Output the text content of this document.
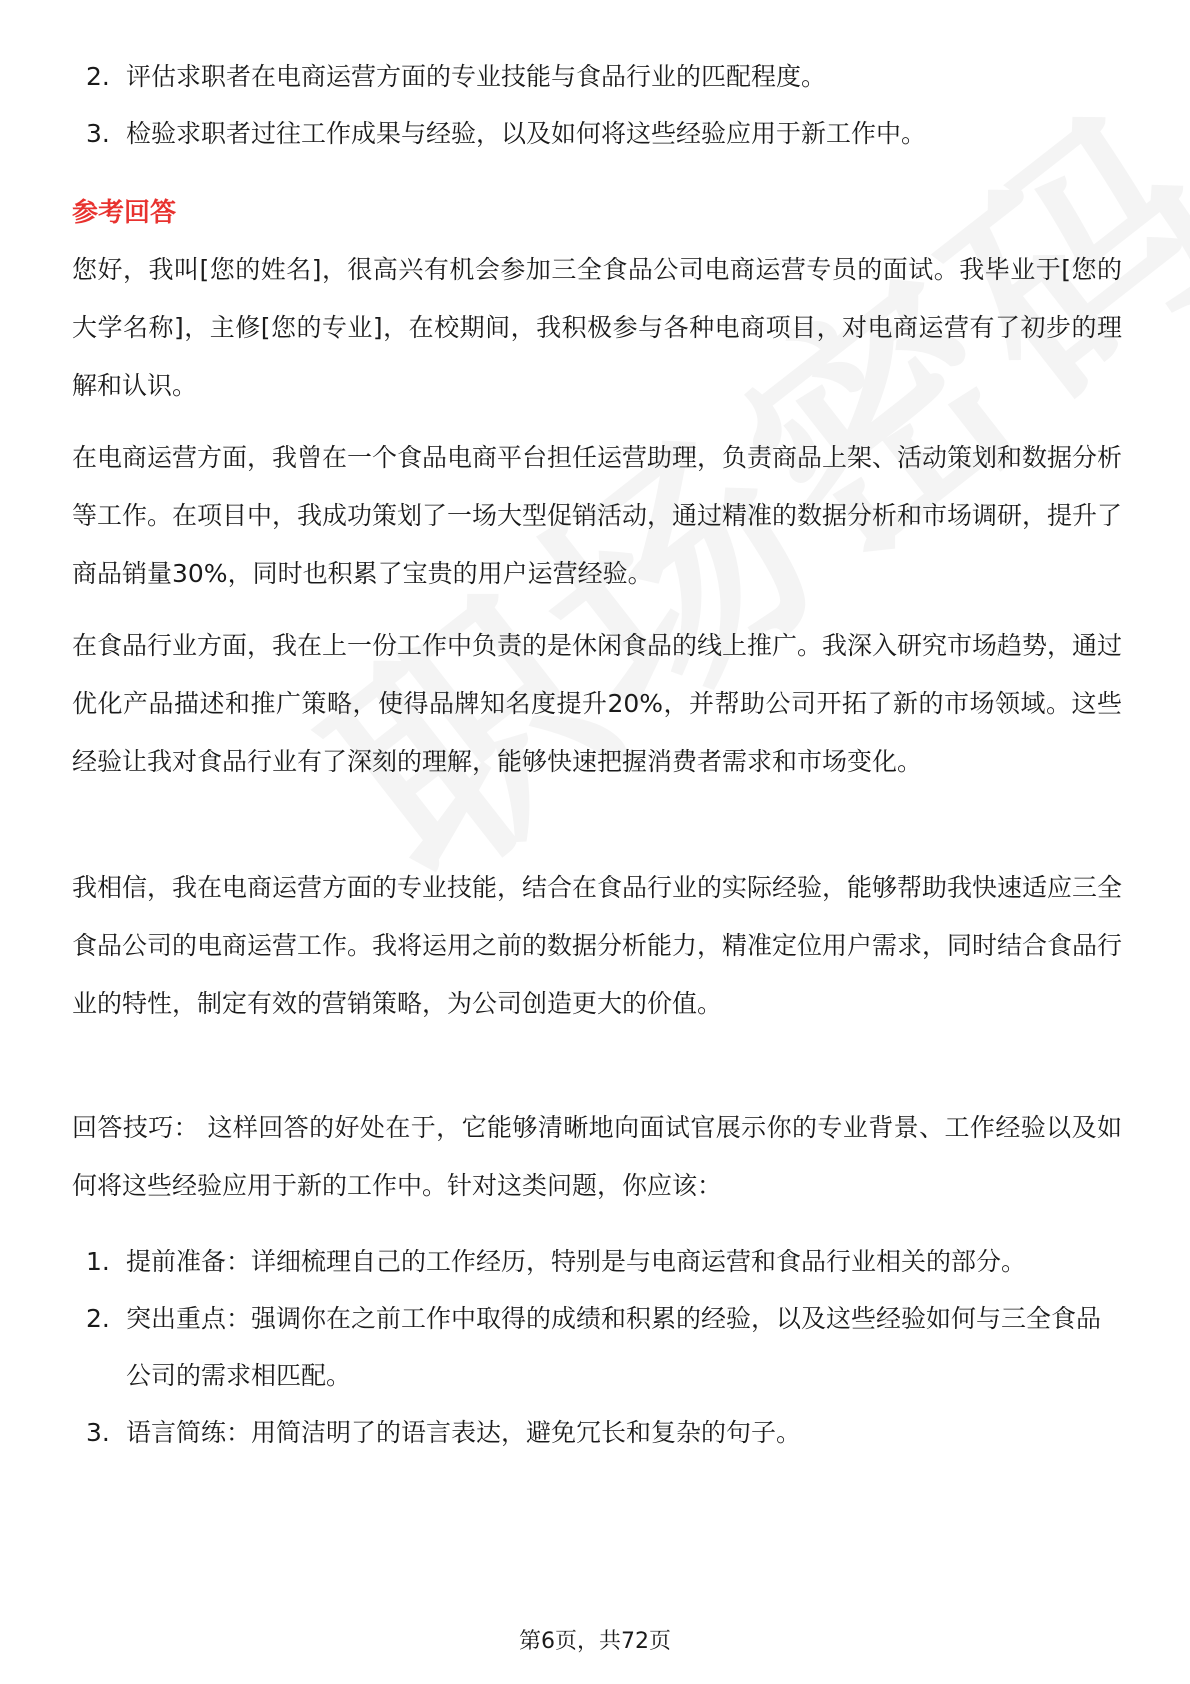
2. 评估求职者在电商运营方面的专业技能与食品行业的匹配程度。
3. 检验求职者过往工作成果与经验，以及如何将这些经验应用于新工作中。
参考回答

您好，我叫[您的姓名]，很高兴有机会参加三全食品公司电商运营专员的面试。我毕业于[您的大学名称]，主修[您的专业]，在校期间，我积极参与各种电商项目，对电商运营有了初步的理解和认识。

在电商运营方面，我曾在一个食品电商平台担任运营助理，负责商品上架、活动策划和数据分析等工作。在项目中，我成功策划了一场大型促销活动，通过精准的数据分析和市场调研，提升了商品销量30%，同时也积累了宝贵的用户运营经验。

在食品行业方面，我在上一份工作中负责的是休闲食品的线上推广。我深入研究市场趋势，通过优化产品描述和推广策略，使得品牌知名度提升20%，并帮助公司开拓了新的市场领域。这些经验让我对食品行业有了深刻的理解，能够快速把握消费者需求和市场变化。

我相信，我在电商运营方面的专业技能，结合在食品行业的实际经验，能够帮助我快速适应三全食品公司的电商运营工作。我将运用之前的数据分析能力，精准定位用户需求，同时结合食品行业的特性，制定有效的营销策略，为公司创造更大的价值。

回答技巧： 这样回答的好处在于，它能够清晰地向面试官展示你的专业背景、工作经验以及如何将这些经验应用于新的工作中。针对这类问题，你应该：

1. 提前准备：详细梳理自己的工作经历，特别是与电商运营和食品行业相关的部分。
2. 突出重点：强调你在之前工作中取得的成绩和积累的经验，以及这些经验如何与三全食品公司的需求相匹配。
3. 语言简练：用简洁明了的语言表达，避免冗长和复杂的句子。
第6页，共72页
